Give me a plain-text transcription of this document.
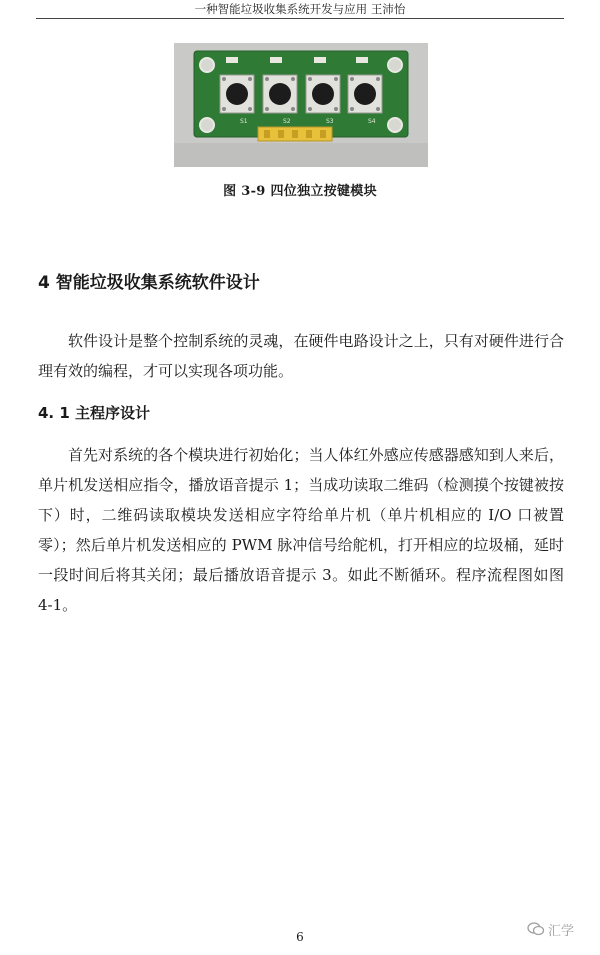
一种智能垃圾收集系统开发与应用 王沛怡
S1	S2	S3	S4
图 3-9 四位独立按键模块
4 智能垃圾收集系统软件设计

软件设计是整个控制系统的灵魂，在硬件电路设计之上，只有对硬件进行合理有效的编程，才可以实现各项功能。

4. 1 主程序设计

首先对系统的各个模块进行初始化；当人体红外感应传感器感知到人来后，单片机发送相应指令，播放语音提示 1；当成功读取二维码（检测摸个按键被按下）时，二维码读取模块发送相应字符给单片机（单片机相应的 I/O 口被置零）；然后单片机发送相应的 PWM 脉冲信号给舵机，打开相应的垃圾桶，延时一段时间后将其关闭；最后播放语音提示 3。如此不断循环。程序流程图如图 4-1。

6	汇学
